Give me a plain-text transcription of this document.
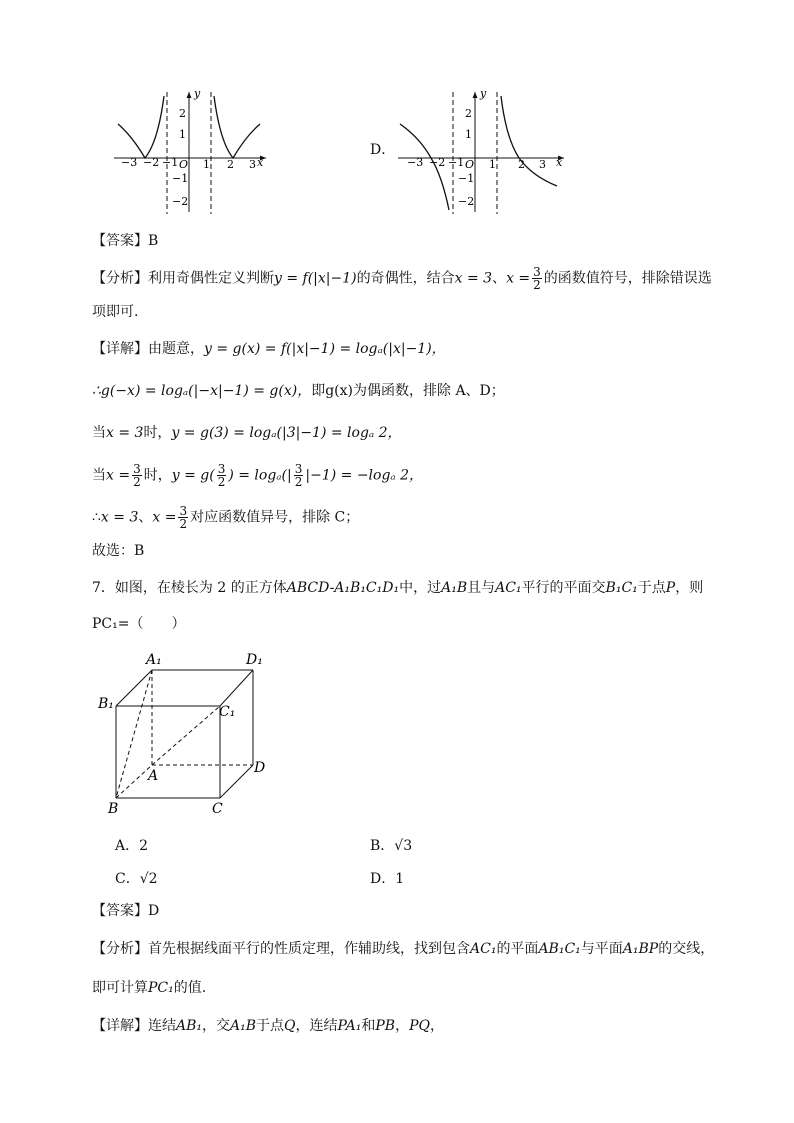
−3 −2 −1 O 1 2 3 x
y
2
1
−1
−2
D．
−3 −2 −1 O 1 2 3 x
y
2
1
−1
−2
【答案】B
【分析】利用奇偶性定义判断y = f(|x|−1)的奇偶性，结合x = 3、$x = \frac{3}{2}$ 的函数值符号，排除错误选
项即可.
【详解】由题意，y = g(x) = f(|x|−1) = logₐ(|x|−1)，
∴g(−x) = logₐ(|−x|−1) = g(x)，即g(x)为偶函数，排除 A、D；
当x = 3时，y = g(3) = logₐ(|3|−1) = logₐ 2，
当$x = \frac{3}{2}$ 时，$y = g( \frac{3}{2}$ ) = $\log_a(| \frac{3}{2} |-1) = -\log_a$ 2，
∴x = 3、$x = \frac{3}{2}$ 对应函数值异号，排除 C；
故选：B
7．如图，在棱长为 2 的正方体ABCD-A₁B₁C₁D₁中，过A₁B且与AC₁平行的平面交B₁C₁于点P，则
PC₁=（　　）
A₁	D₁
B₁	C₁
A	D
B	C
A．2	B．√3
C．√2	D．1
【答案】D
【分析】首先根据线面平行的性质定理，作辅助线，找到包含AC₁的平面AB₁C₁与平面A₁BP的交线，
即可计算PC₁的值.
【详解】连结AB₁，交A₁B于点Q，连结PA₁和PB，PQ，
